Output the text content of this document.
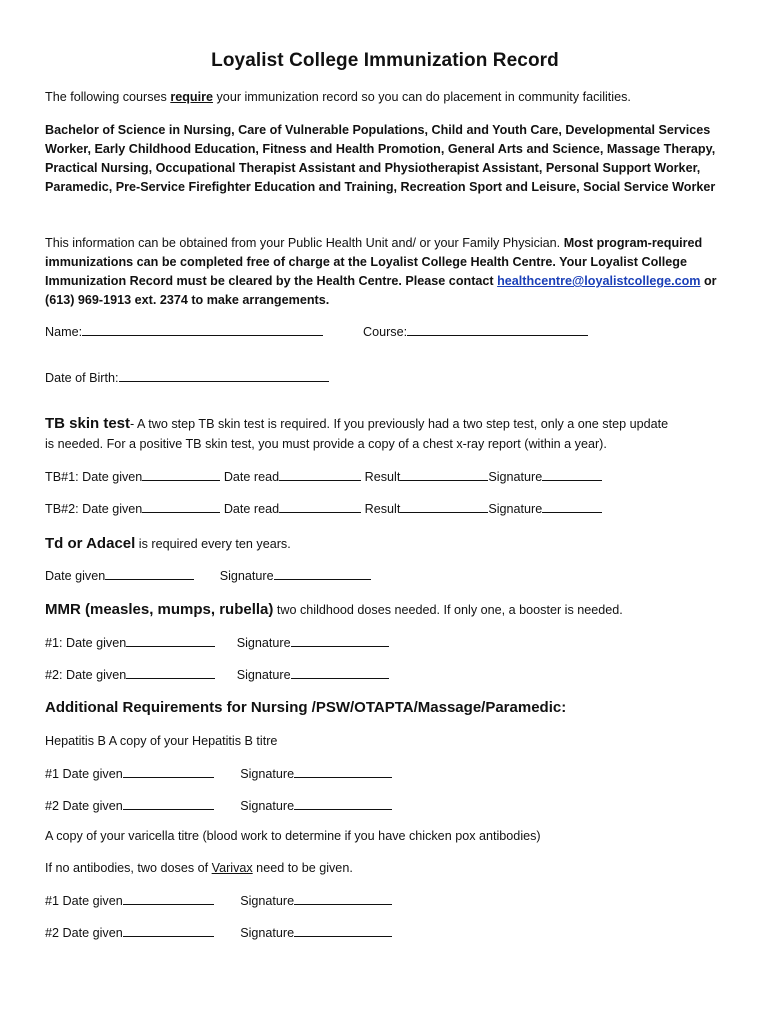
Loyalist College Immunization Record
The following courses require your immunization record so you can do placement in community facilities.
Bachelor of Science in Nursing, Care of Vulnerable Populations, Child and Youth Care, Developmental Services Worker, Early Childhood Education, Fitness and Health Promotion, General Arts and Science, Massage Therapy, Practical Nursing, Occupational Therapist Assistant and Physiotherapist Assistant, Personal Support Worker, Paramedic, Pre-Service Firefighter Education and Training, Recreation Sport and Leisure, Social Service Worker
This information can be obtained from your Public Health Unit and/ or your Family Physician. Most program-required immunizations can be completed free of charge at the Loyalist College Health Centre. Your Loyalist College Immunization Record must be cleared by the Health Centre. Please contact healthcentre@loyalistcollege.com or (613) 969-1913 ext. 2374 to make arrangements.
Name:	Course:
Date of Birth:
TB skin test- A two step TB skin test is required. If you previously had a two step test, only a one step update
is needed. For a positive TB skin test, you must provide a copy of a chest x-ray report (within a year).
TB#1: Date given	Date read	Result	Signature
TB#2: Date given	Date read	Result	Signature
Td or Adacel is required every ten years.
Date given	Signature
MMR (measles, mumps, rubella) two childhood doses needed. If only one, a booster is needed.
#1: Date given	Signature
#2: Date given	Signature
Additional Requirements for Nursing /PSW/OTAPTA/Massage/Paramedic:
Hepatitis B A copy of your Hepatitis B titre
#1 Date given	Signature
#2 Date given	Signature
A copy of your varicella titre (blood work to determine if you have chicken pox antibodies)
If no antibodies, two doses of Varivax need to be given.
#1 Date given	Signature
#2 Date given	Signature
